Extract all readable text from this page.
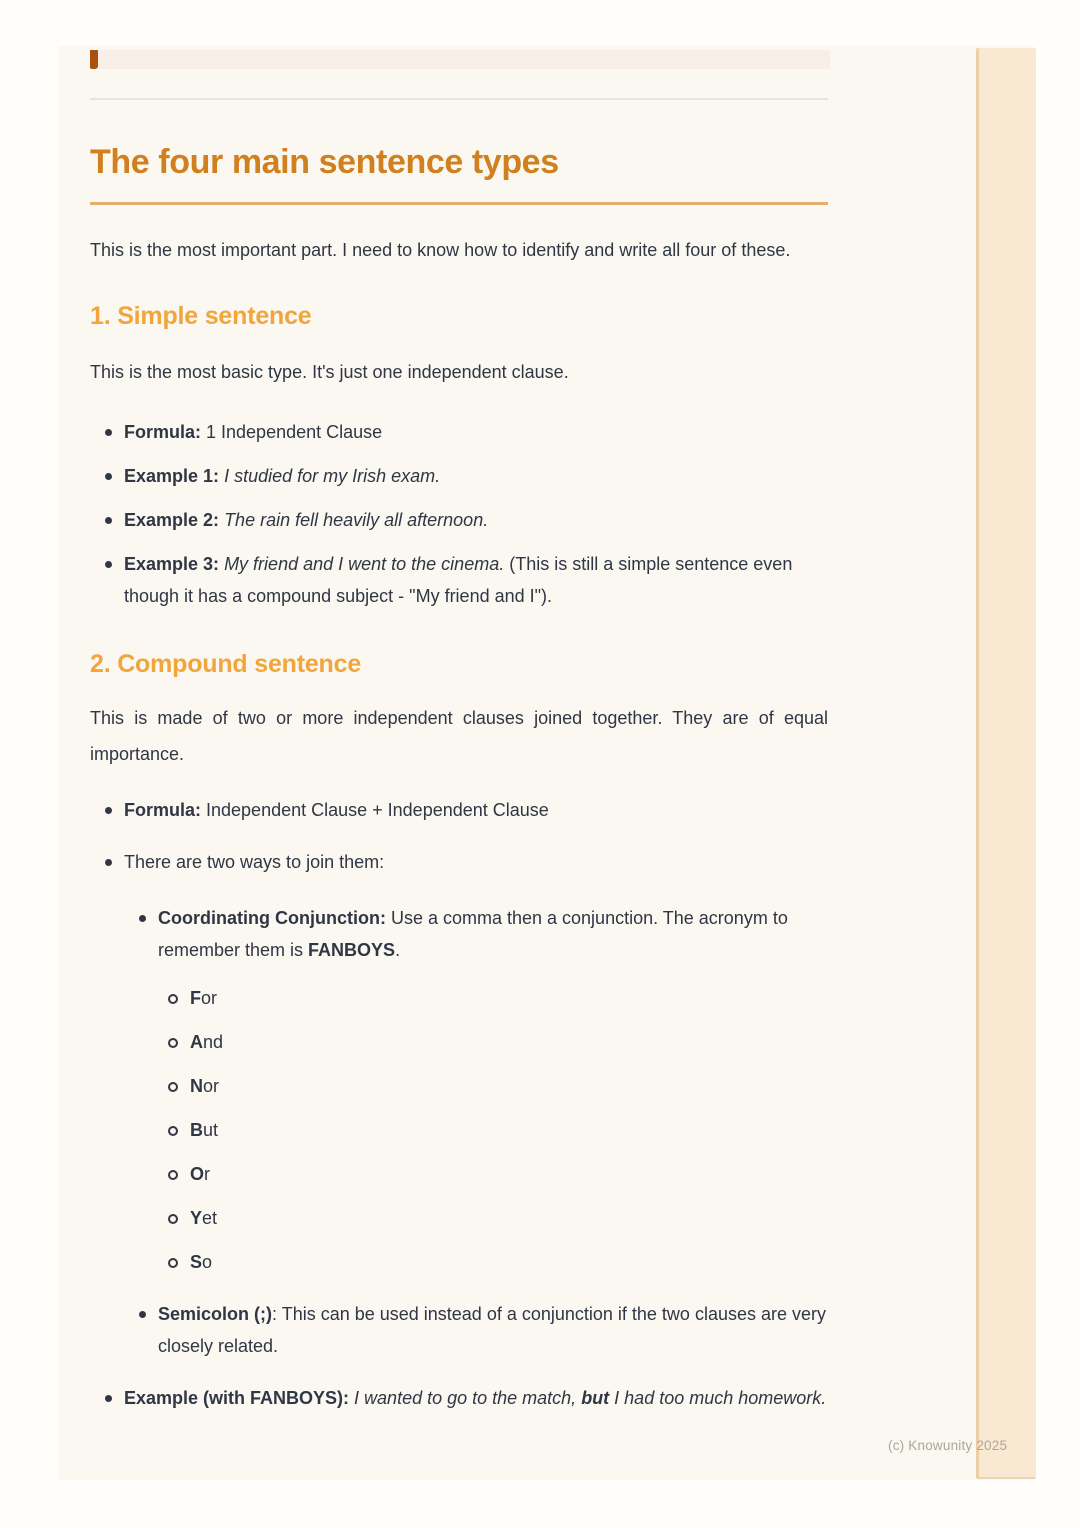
The four main sentence types

This is the most important part. I need to know how to identify and write all four of these.

1. Simple sentence

This is the most basic type. It's just one independent clause.

Formula: 1 Independent Clause
Example 1: I studied for my Irish exam.
Example 2: The rain fell heavily all afternoon.
Example 3: My friend and I went to the cinema. (This is still a simple sentence even though it has a compound subject - "My friend and I").
2. Compound sentence

This is made of two or more independent clauses joined together. They are of equal importance.

Formula: Independent Clause + Independent Clause
There are two ways to join them:
Coordinating Conjunction: Use a comma then a conjunction. The acronym to remember them is FANBOYS.
For
And
Nor
But
Or
Yet
So
Semicolon (;): This can be used instead of a conjunction if the two clauses are very closely related.
Example (with FANBOYS): I wanted to go to the match, but I had too much homework.
(c) Knowunity 2025
